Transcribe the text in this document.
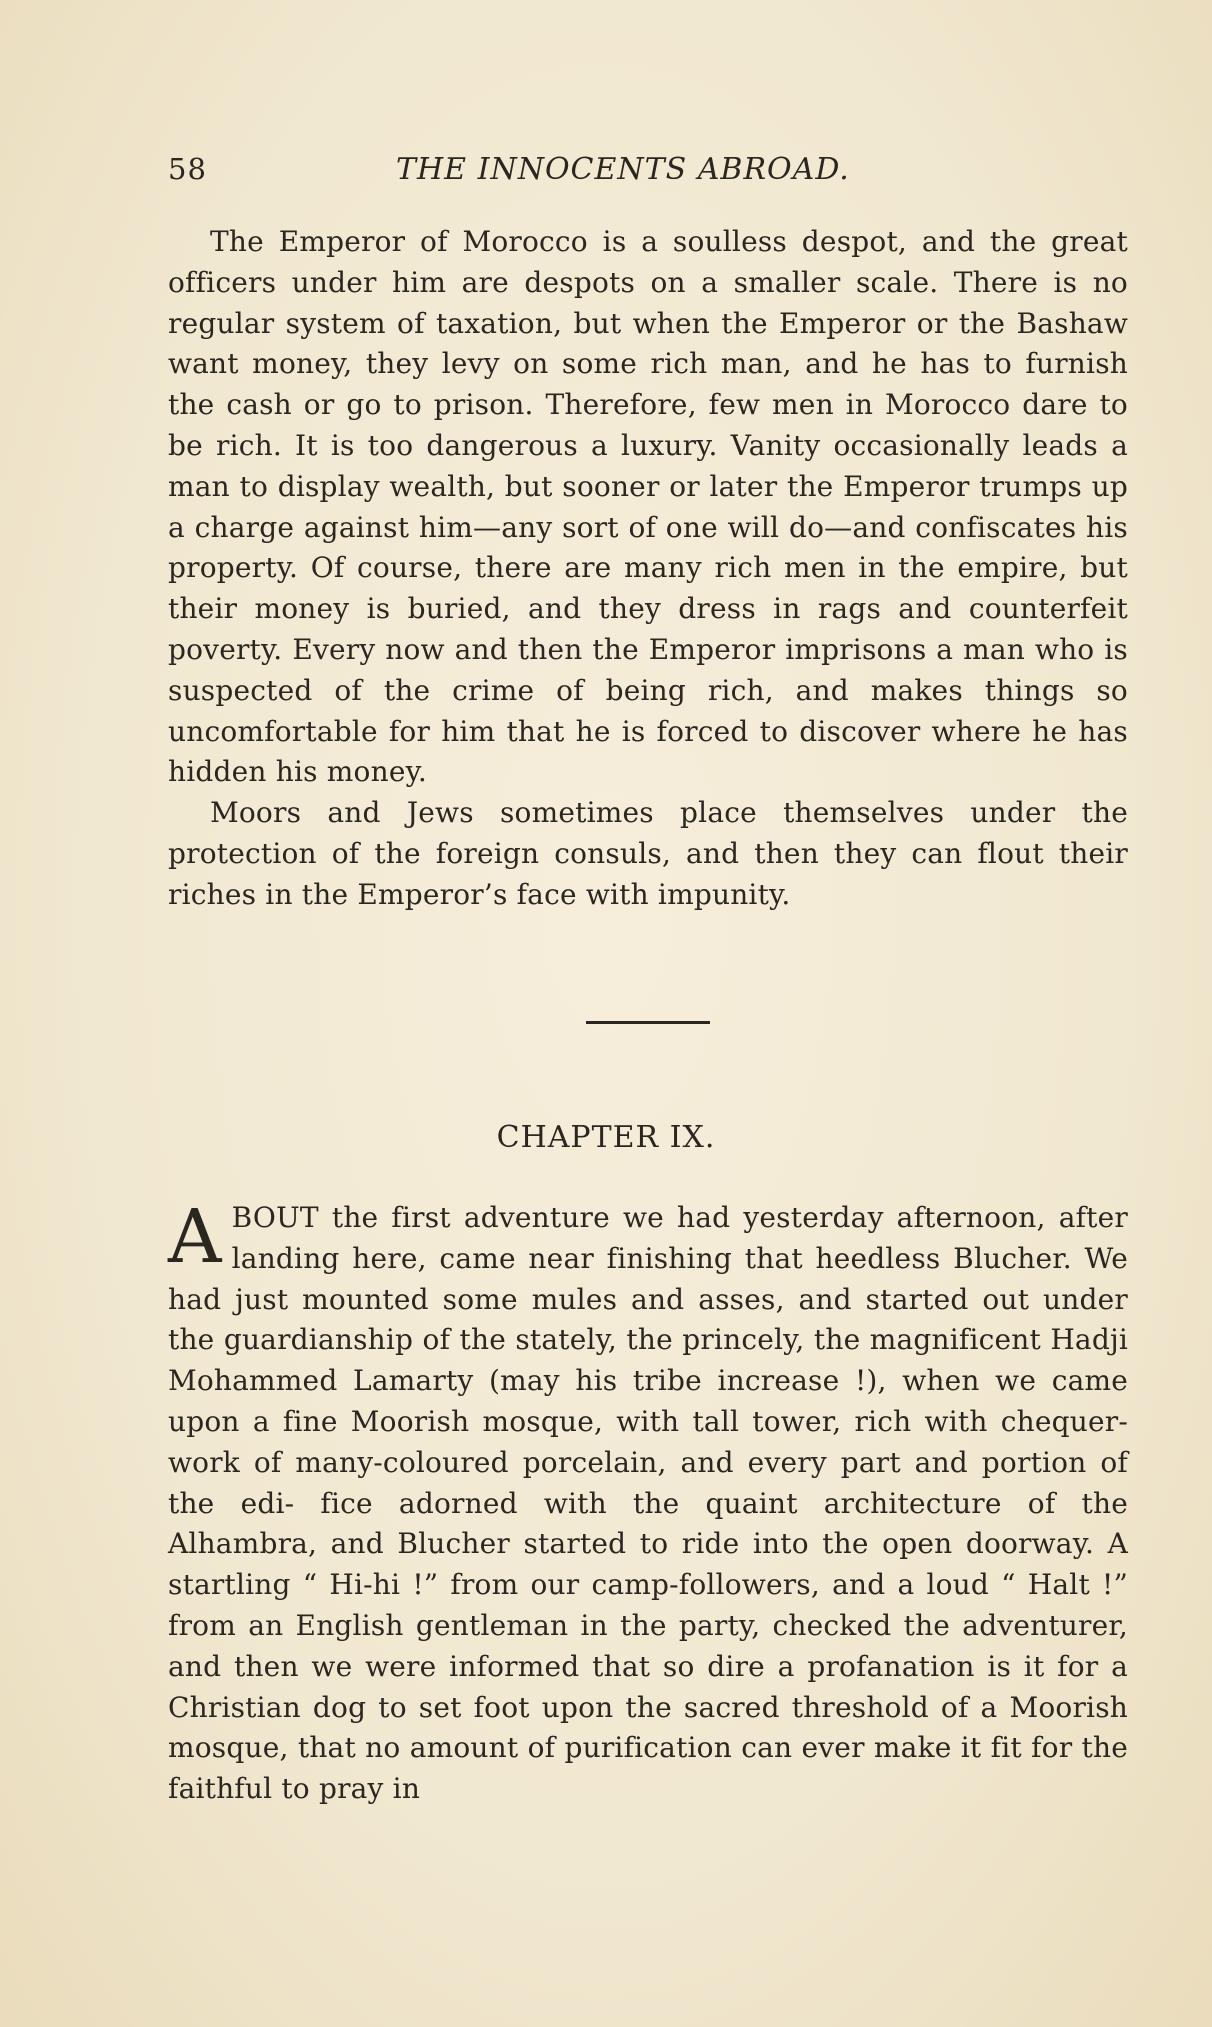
58	THE INNOCENTS ABROAD.

The Emperor of Morocco is a soulless despot, and the great officers under him are despots on a smaller scale. There is no regular system of taxation, but when the Emperor or the Bashaw want money, they levy on some rich man, and he has to furnish the cash or go to prison. Therefore, few men in Morocco dare to be rich. It is too dangerous a luxury. Vanity occasionally leads a man to display wealth, but sooner or later the Emperor trumps up a charge against him—any sort of one will do—and confiscates his property. Of course, there are many rich men in the empire, but their money is buried, and they dress in rags and counterfeit poverty. Every now and then the Emperor imprisons a man who is suspected of the crime of being rich, and makes things so uncomfortable for him that he is forced to discover where he has hidden his money.

Moors and Jews sometimes place themselves under the protection of the foreign consuls, and then they can flout their riches in the Emperor’s face with impunity.

CHAPTER IX.

ABOUT the first adventure we had yesterday afternoon, after landing here, came near finishing that heedless Blucher. We had just mounted some mules and asses, and started out under the guardianship of the stately, the princely, the magnificent Hadji Mohammed Lamarty (may his tribe increase !), when we came upon a fine Moorish mosque, with tall tower, rich with chequer-work of many-coloured porcelain, and every part and portion of the edi- fice adorned with the quaint architecture of the Alhambra, and Blucher started to ride into the open doorway. A startling “ Hi-hi !” from our camp-followers, and a loud “ Halt !” from an English gentleman in the party, checked the adventurer, and then we were informed that so dire a profanation is it for a Christian dog to set foot upon the sacred threshold of a Moorish mosque, that no amount of purification can ever make it fit for the faithful to pray in
